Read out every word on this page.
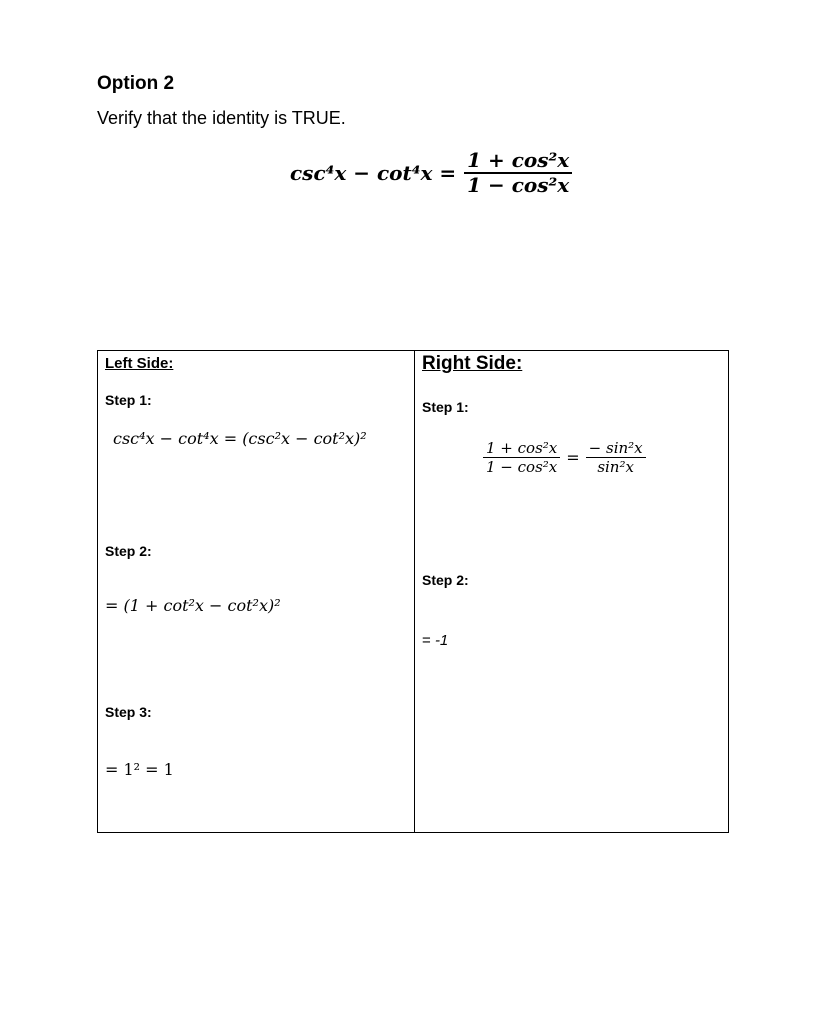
Option 2
Verify that the identity is TRUE.
$\csc^4x - \cot^4x = \frac{\text{1 + cos²x}}{\text{1 − cos²x}}$
Left Side:
Step 1:
csc⁴x − cot⁴x = (csc²x − cot²x)²
Step 2:
= (1 + cot²x − cot²x)²
Step 3:
= 1² = 1
Right Side:
Step 1:
$\frac{\text{1 + cos²x}}{\text{1 − cos²x}} = \frac{\text{− sin²x}}{\text{sin²x}}$
Step 2:
= -1
